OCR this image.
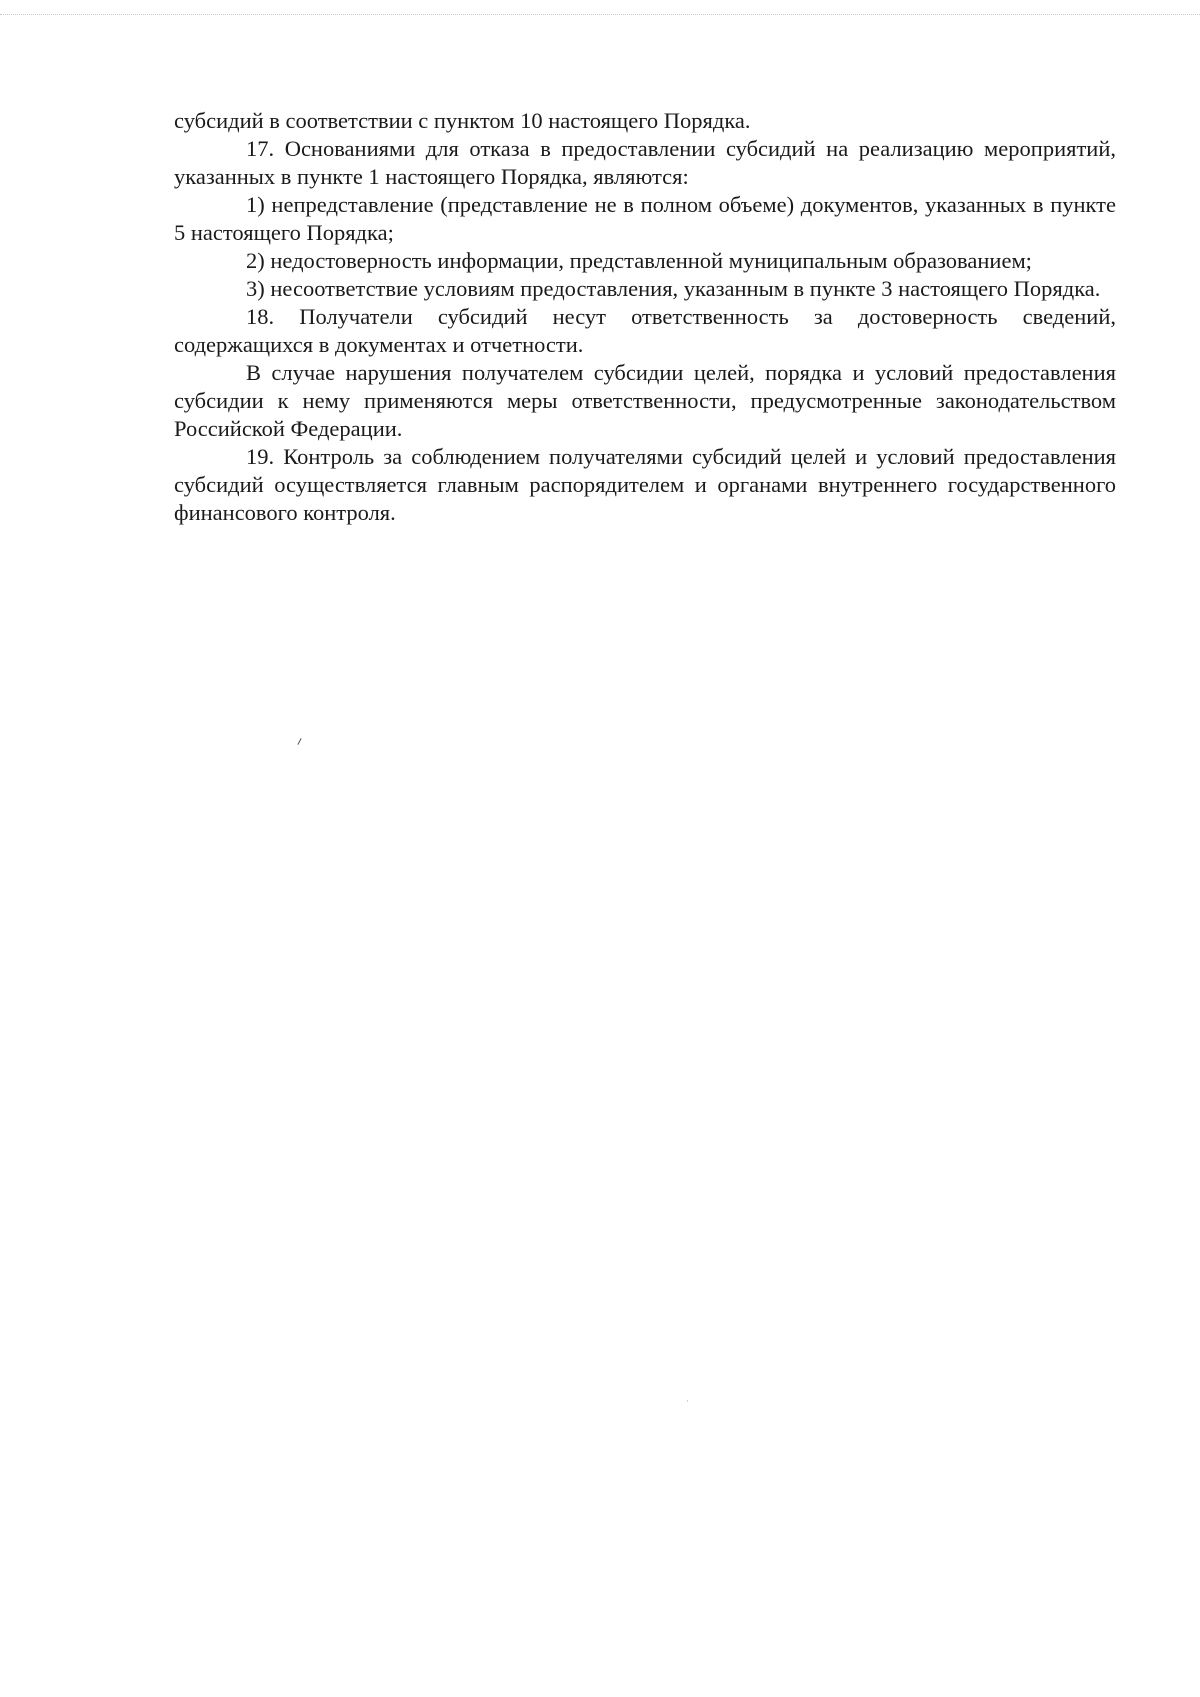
субсидий в соответствии с пунктом 10 настоящего Порядка.

17. Основаниями для отказа в предоставлении субсидий на реализацию мероприятий, указанных в пункте 1 настоящего Порядка, являются:

1) непредставление (представление не в полном объеме) документов, указанных в пункте 5 настоящего Порядка;

2) недостоверность информации, представленной муниципальным образованием;

3) несоответствие условиям предоставления, указанным в пункте 3 настоящего Порядка.

18. Получатели субсидий несут ответственность за достоверность сведений, содержащихся в документах и отчетности.

В случае нарушения получателем субсидии целей, порядка и условий предоставления субсидии к нему применяются меры ответственности, предусмотренные законодательством Российской Федерации.

19. Контроль за соблюдением получателями субсидий целей и условий предоставления субсидий осуществляется главным распорядителем и органами внутреннего государственного финансового контроля.
